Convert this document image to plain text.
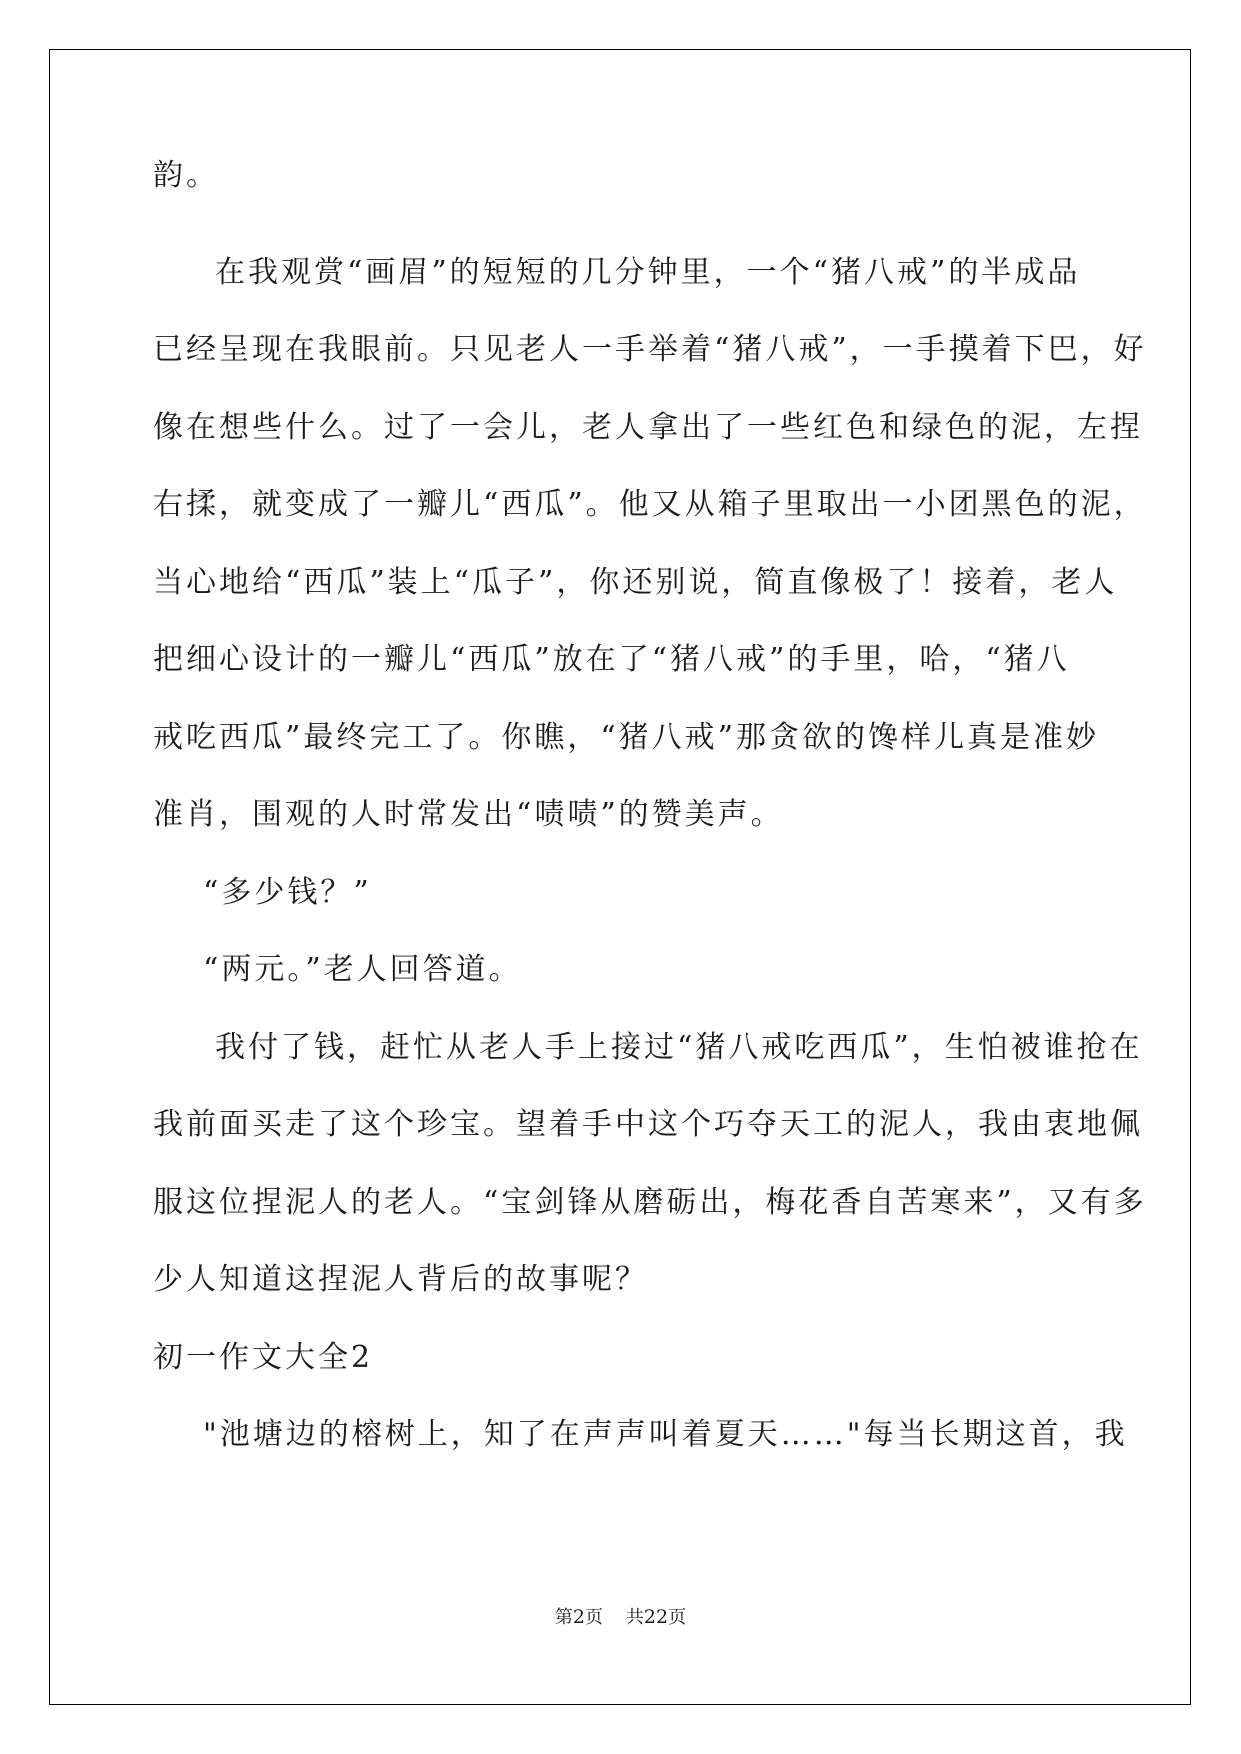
韵。
在我观赏“画眉”的短短的几分钟里，一个“猪八戒”的半成品
已经呈现在我眼前。只见老人一手举着“猪八戒”，一手摸着下巴，好
像在想些什么。过了一会儿，老人拿出了一些红色和绿色的泥，左捏
右揉，就变成了一瓣儿“西瓜”。他又从箱子里取出一小团黑色的泥，
当心地给“西瓜”装上“瓜子”，你还别说，简直像极了！接着，老人
把细心设计的一瓣儿“西瓜”放在了“猪八戒”的手里，哈，“猪八
戒吃西瓜”最终完工了。你瞧，“猪八戒”那贪欲的馋样儿真是准妙
准肖，围观的人时常发出“啧啧”的赞美声。
“多少钱？”
“两元。”老人回答道。
我付了钱，赶忙从老人手上接过“猪八戒吃西瓜”，生怕被谁抢在
我前面买走了这个珍宝。望着手中这个巧夺天工的泥人，我由衷地佩
服这位捏泥人的老人。“宝剑锋从磨砺出，梅花香自苦寒来”，又有多
少人知道这捏泥人背后的故事呢？
初一作文大全2
"池塘边的榕树上，知了在声声叫着夏天……"每当长期这首，我
第2页 共22页
